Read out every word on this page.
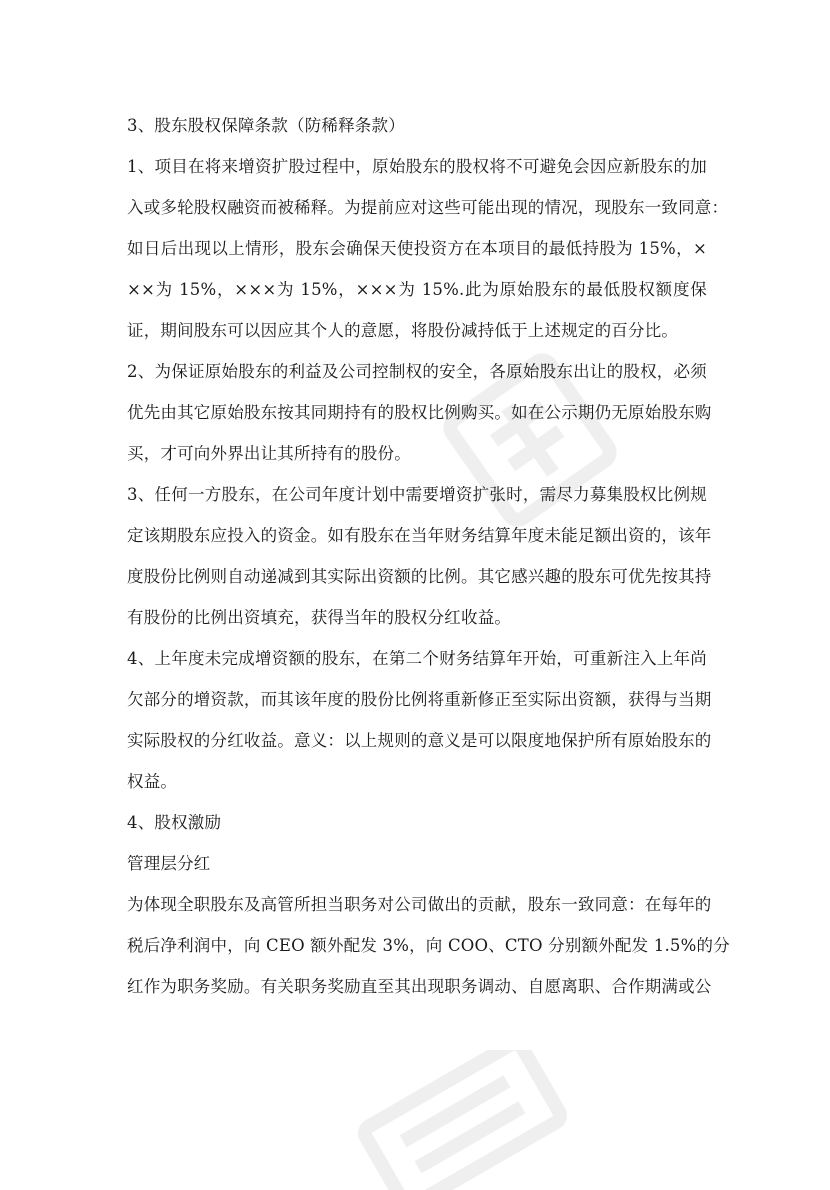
3、股东股权保障条款（防稀释条款）
1、项目在将来增资扩股过程中，原始股东的股权将不可避免会因应新股东的加
入或多轮股权融资而被稀释。为提前应对这些可能出现的情况，现股东一致同意：
如日后出现以上情形，股东会确保天使投资方在本项目的最低持股为 15%，×
××为 15%，×××为 15%，×××为 15%.此为原始股东的最低股权额度保
证，期间股东可以因应其个人的意愿，将股份减持低于上述规定的百分比。
2、为保证原始股东的利益及公司控制权的安全，各原始股东出让的股权，必须
优先由其它原始股东按其同期持有的股权比例购买。如在公示期仍无原始股东购
买，才可向外界出让其所持有的股份。
3、任何一方股东，在公司年度计划中需要增资扩张时，需尽力募集股权比例规
定该期股东应投入的资金。如有股东在当年财务结算年度未能足额出资的，该年
度股份比例则自动递减到其实际出资额的比例。其它感兴趣的股东可优先按其持
有股份的比例出资填充，获得当年的股权分红收益。
4、上年度未完成增资额的股东，在第二个财务结算年开始，可重新注入上年尚
欠部分的增资款，而其该年度的股份比例将重新修正至实际出资额，获得与当期
实际股权的分红收益。意义：以上规则的意义是可以限度地保护所有原始股东的
权益。
4、股权激励
管理层分红
为体现全职股东及高管所担当职务对公司做出的贡献，股东一致同意：在每年的
税后净利润中，向 CEO 额外配发 3%，向 COO、CTO 分别额外配发 1.5%的分
红作为职务奖励。有关职务奖励直至其出现职务调动、自愿离职、合作期满或公
